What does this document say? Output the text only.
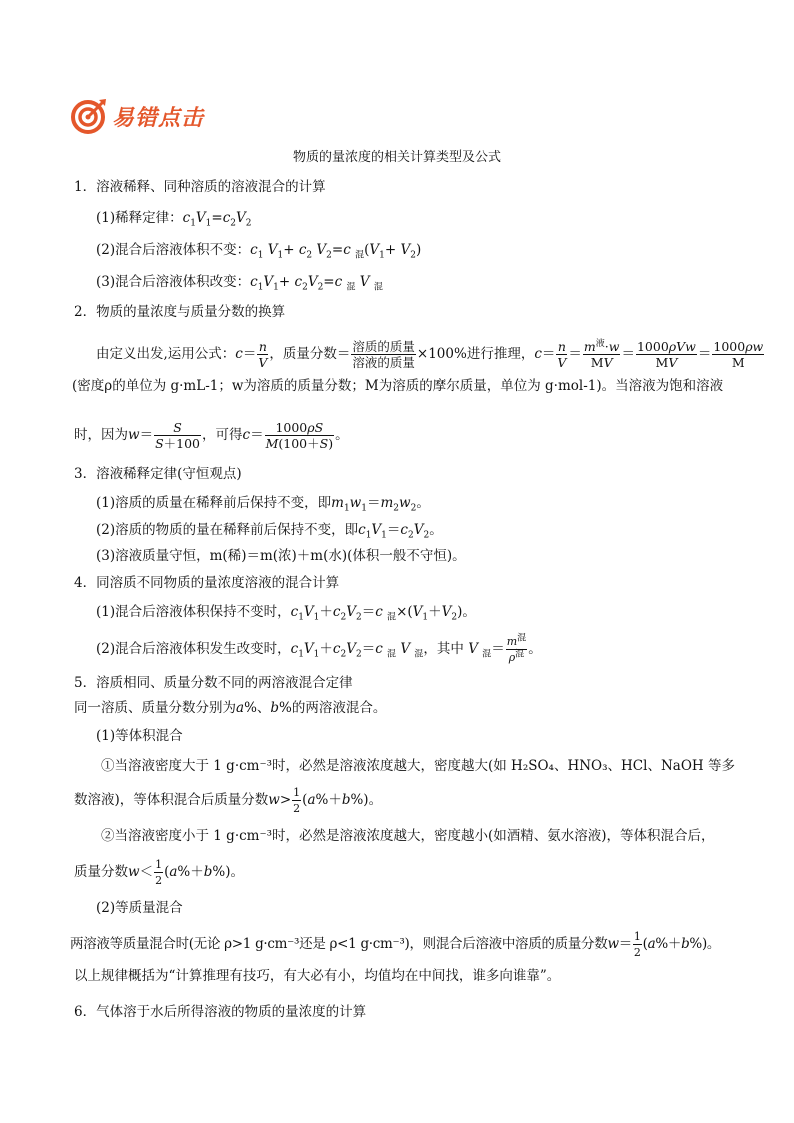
易错点击
物质的量浓度的相关计算类型及公式
1．溶液稀释、同种溶质的溶液混合的计算
(1)稀释定律：$c_1V_1=c_2V_2$
(2)混合后溶液体积不变：$c_1$ $V_1+ c_2$ $V_2=c$ $_混(V_1+ V_2)$
(3)混合后溶液体积改变：$c_1V_1+ c_2V_2=c$ $_混$ V $_混$
2．物质的量浓度与质量分数的换算
由定义出发,运用公式：$c= \frac{n}{V}$ ，质量分数＝ $\frac{\text{溶质的质量}}{\text{溶液的质量}} \times 100\%$进行推理，$c= \frac{n}{V} = \frac{m^液\cdot w}{MV} = \frac{\text{1000ρVw}}{MV} = \frac{1000\rho w}{M}$
(密度ρ的单位为 g·mL-1；w为溶质的质量分数；M为溶质的摩尔质量，单位为 g·mol-1)。当溶液为饱和溶液
时，因为$w= \frac{S}{S+100}$ ，可得$c= \frac{1000\rho S}{M(100+S)}$ 。
3．溶液稀释定律(守恒观点)
(1)溶质的质量在稀释前后保持不变，即$m_1w_1=m_2w_2$。
(2)溶质的物质的量在稀释前后保持不变，即$c_1V_1=c_2V_2$。
(3)溶液质量守恒，m(稀)＝m(浓)＋m(水)(体积一般不守恒)。
4．同溶质不同物质的量浓度溶液的混合计算
(1)混合后溶液体积保持不变时，$c_1V_1+c_2V_2=c$ $_混\times(V_1+V_2)$。
(2)混合后溶液体积发生改变时，$c_1V_1+c_2V_2=c$ $_混$ V $_混$，其中 V $_混= \frac{m^混}{\rho^混}$ 。
5．溶质相同、质量分数不同的两溶液混合定律
同一溶质、质量分数分别为a%、b%的两溶液混合。
(1)等体积混合
①当溶液密度大于 1 g·cm⁻³时，必然是溶液浓度越大，密度越大(如 H₂SO₄、HNO₃、HCl、NaOH 等多
数溶液)，等体积混合后质量分数$w> \frac{1}{2} (a\%+b\%)$。
②当溶液密度小于 1 g·cm⁻³时，必然是溶液浓度越大，密度越小(如酒精、氨水溶液)，等体积混合后，
质量分数$w< \frac{1}{2} (a\%+b\%)$。
(2)等质量混合
两溶液等质量混合时(无论 ρ>1 g·cm⁻³还是 ρ<1 g·cm⁻³)，则混合后溶液中溶质的质量分数$w= \frac{1}{2} (a\%+b\%)$。
以上规律概括为“计算推理有技巧，有大必有小，均值均在中间找，谁多向谁靠”。
6．气体溶于水后所得溶液的物质的量浓度的计算
